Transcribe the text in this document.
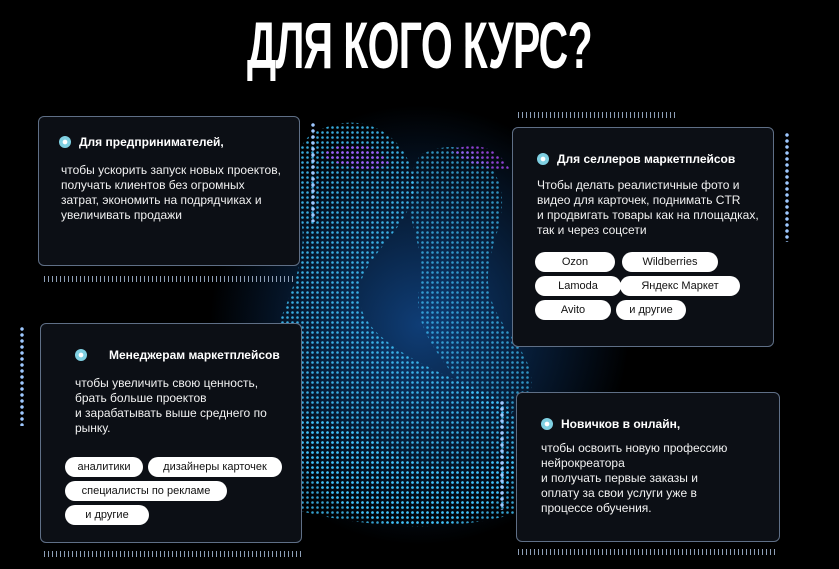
ДЛЯ КОГО КУРС?
Для предпринимателей,
чтобы ускорить запуск новых проектов,
получать клиентов без огромных
затрат, экономить на подрядчиках и
увеличивать продажи
Для селлеров маркетплейсов
Чтобы делать реалистичные фото и
видео для карточек, поднимать CTR
и продвигать товары как на площадках,
так и через соцсети
Ozon	Wildberries
Lamoda	Яндекс Маркет
Avito	и другие
Менеджерам маркетплейсов
чтобы увеличить свою ценность,
брать больше проектов
и зарабатывать выше среднего по
рынку.
аналитики	дизайнеры карточек
специалисты по рекламе
и другие
Новичков в онлайн,
чтобы освоить новую профессию
нейрокреатора
и получать первые заказы и
оплату за свои услуги уже в
процессе обучения.
